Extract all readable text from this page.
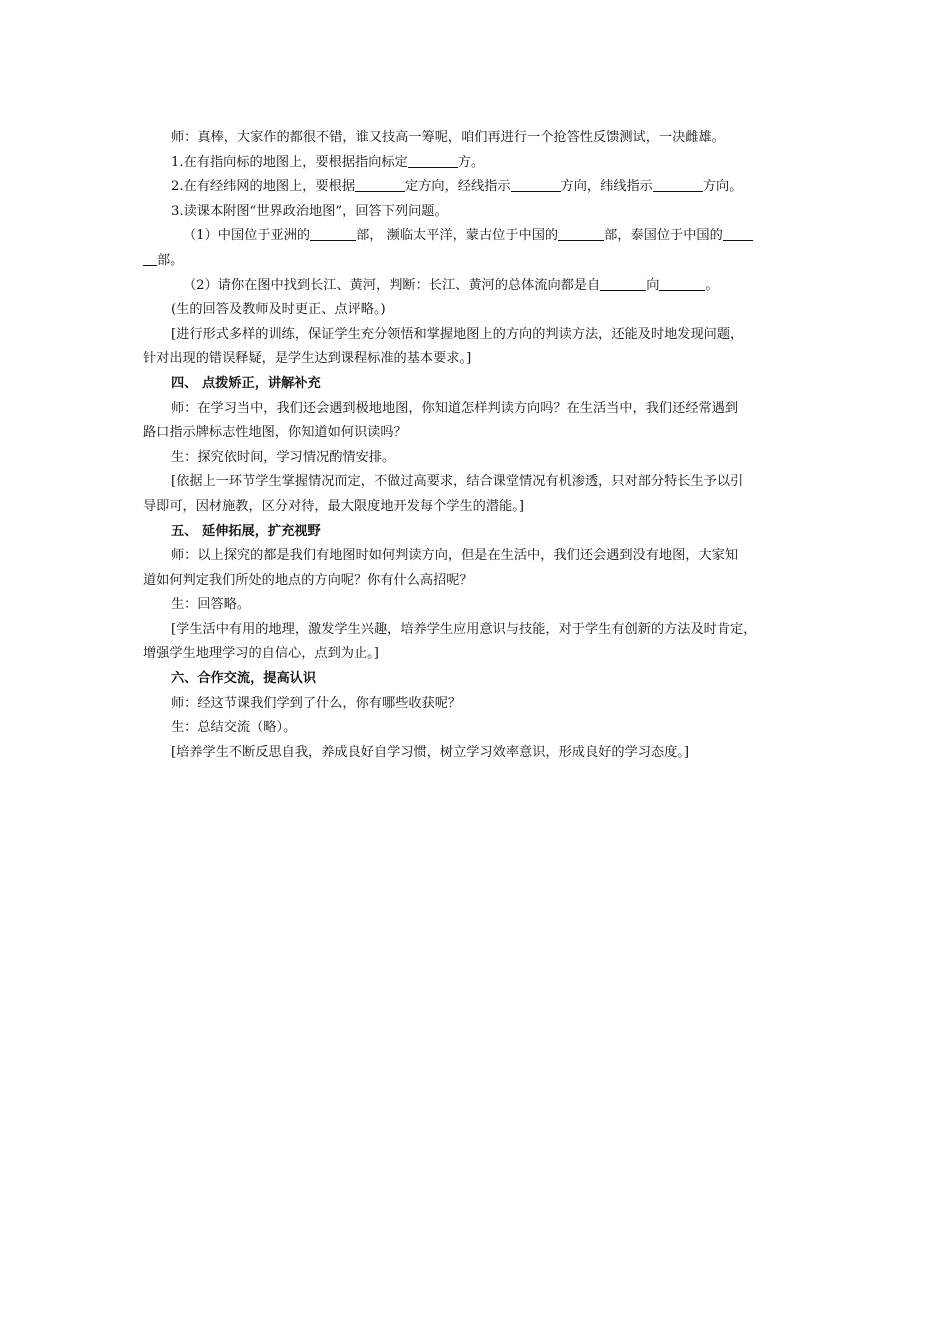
师：真棒，大家作的都很不错，谁又技高一筹呢，咱们再进行一个抢答性反馈测试，一决雌雄。
1.在有指向标的地图上，要根据指向标定	方。
2.在有经纬网的地图上，要根据	定方向，经线指示	方向，纬线指示	方向。
3.读课本附图“世界政治地图”，回答下列问题。
（1）中国位于亚洲的	部， 濒临太平洋，蒙古位于中国的	部，泰国位于中国的
部。
（2）请你在图中找到长江、黄河，判断：长江、黄河的总体流向都是自	向	。
(生的回答及教师及时更正、点评略。)
[进行形式多样的训练，保证学生充分领悟和掌握地图上的方向的判读方法，还能及时地发现问题，
针对出现的错误释疑，是学生达到课程标准的基本要求。]
四、 点拨矫正，讲解补充
师：在学习当中，我们还会遇到极地地图，你知道怎样判读方向吗？在生活当中，我们还经常遇到
路口指示牌标志性地图，你知道如何识读吗？
生：探究依时间，学习情况酌情安排。
[依据上一环节学生掌握情况而定，不做过高要求，结合课堂情况有机渗透，只对部分特长生予以引
导即可，因材施教，区分对待，最大限度地开发每个学生的潜能。]
五、 延伸拓展，扩充视野
师：以上探究的都是我们有地图时如何判读方向，但是在生活中，我们还会遇到没有地图，大家知
道如何判定我们所处的地点的方向呢？你有什么高招呢？
生：回答略。
[学生活中有用的地理，激发学生兴趣，培养学生应用意识与技能，对于学生有创新的方法及时肯定，
增强学生地理学习的自信心，点到为止。]
六、合作交流，提高认识
师：经这节课我们学到了什么，你有哪些收获呢？
生：总结交流（略）。
[培养学生不断反思自我，养成良好自学习惯，树立学习效率意识，形成良好的学习态度。]
